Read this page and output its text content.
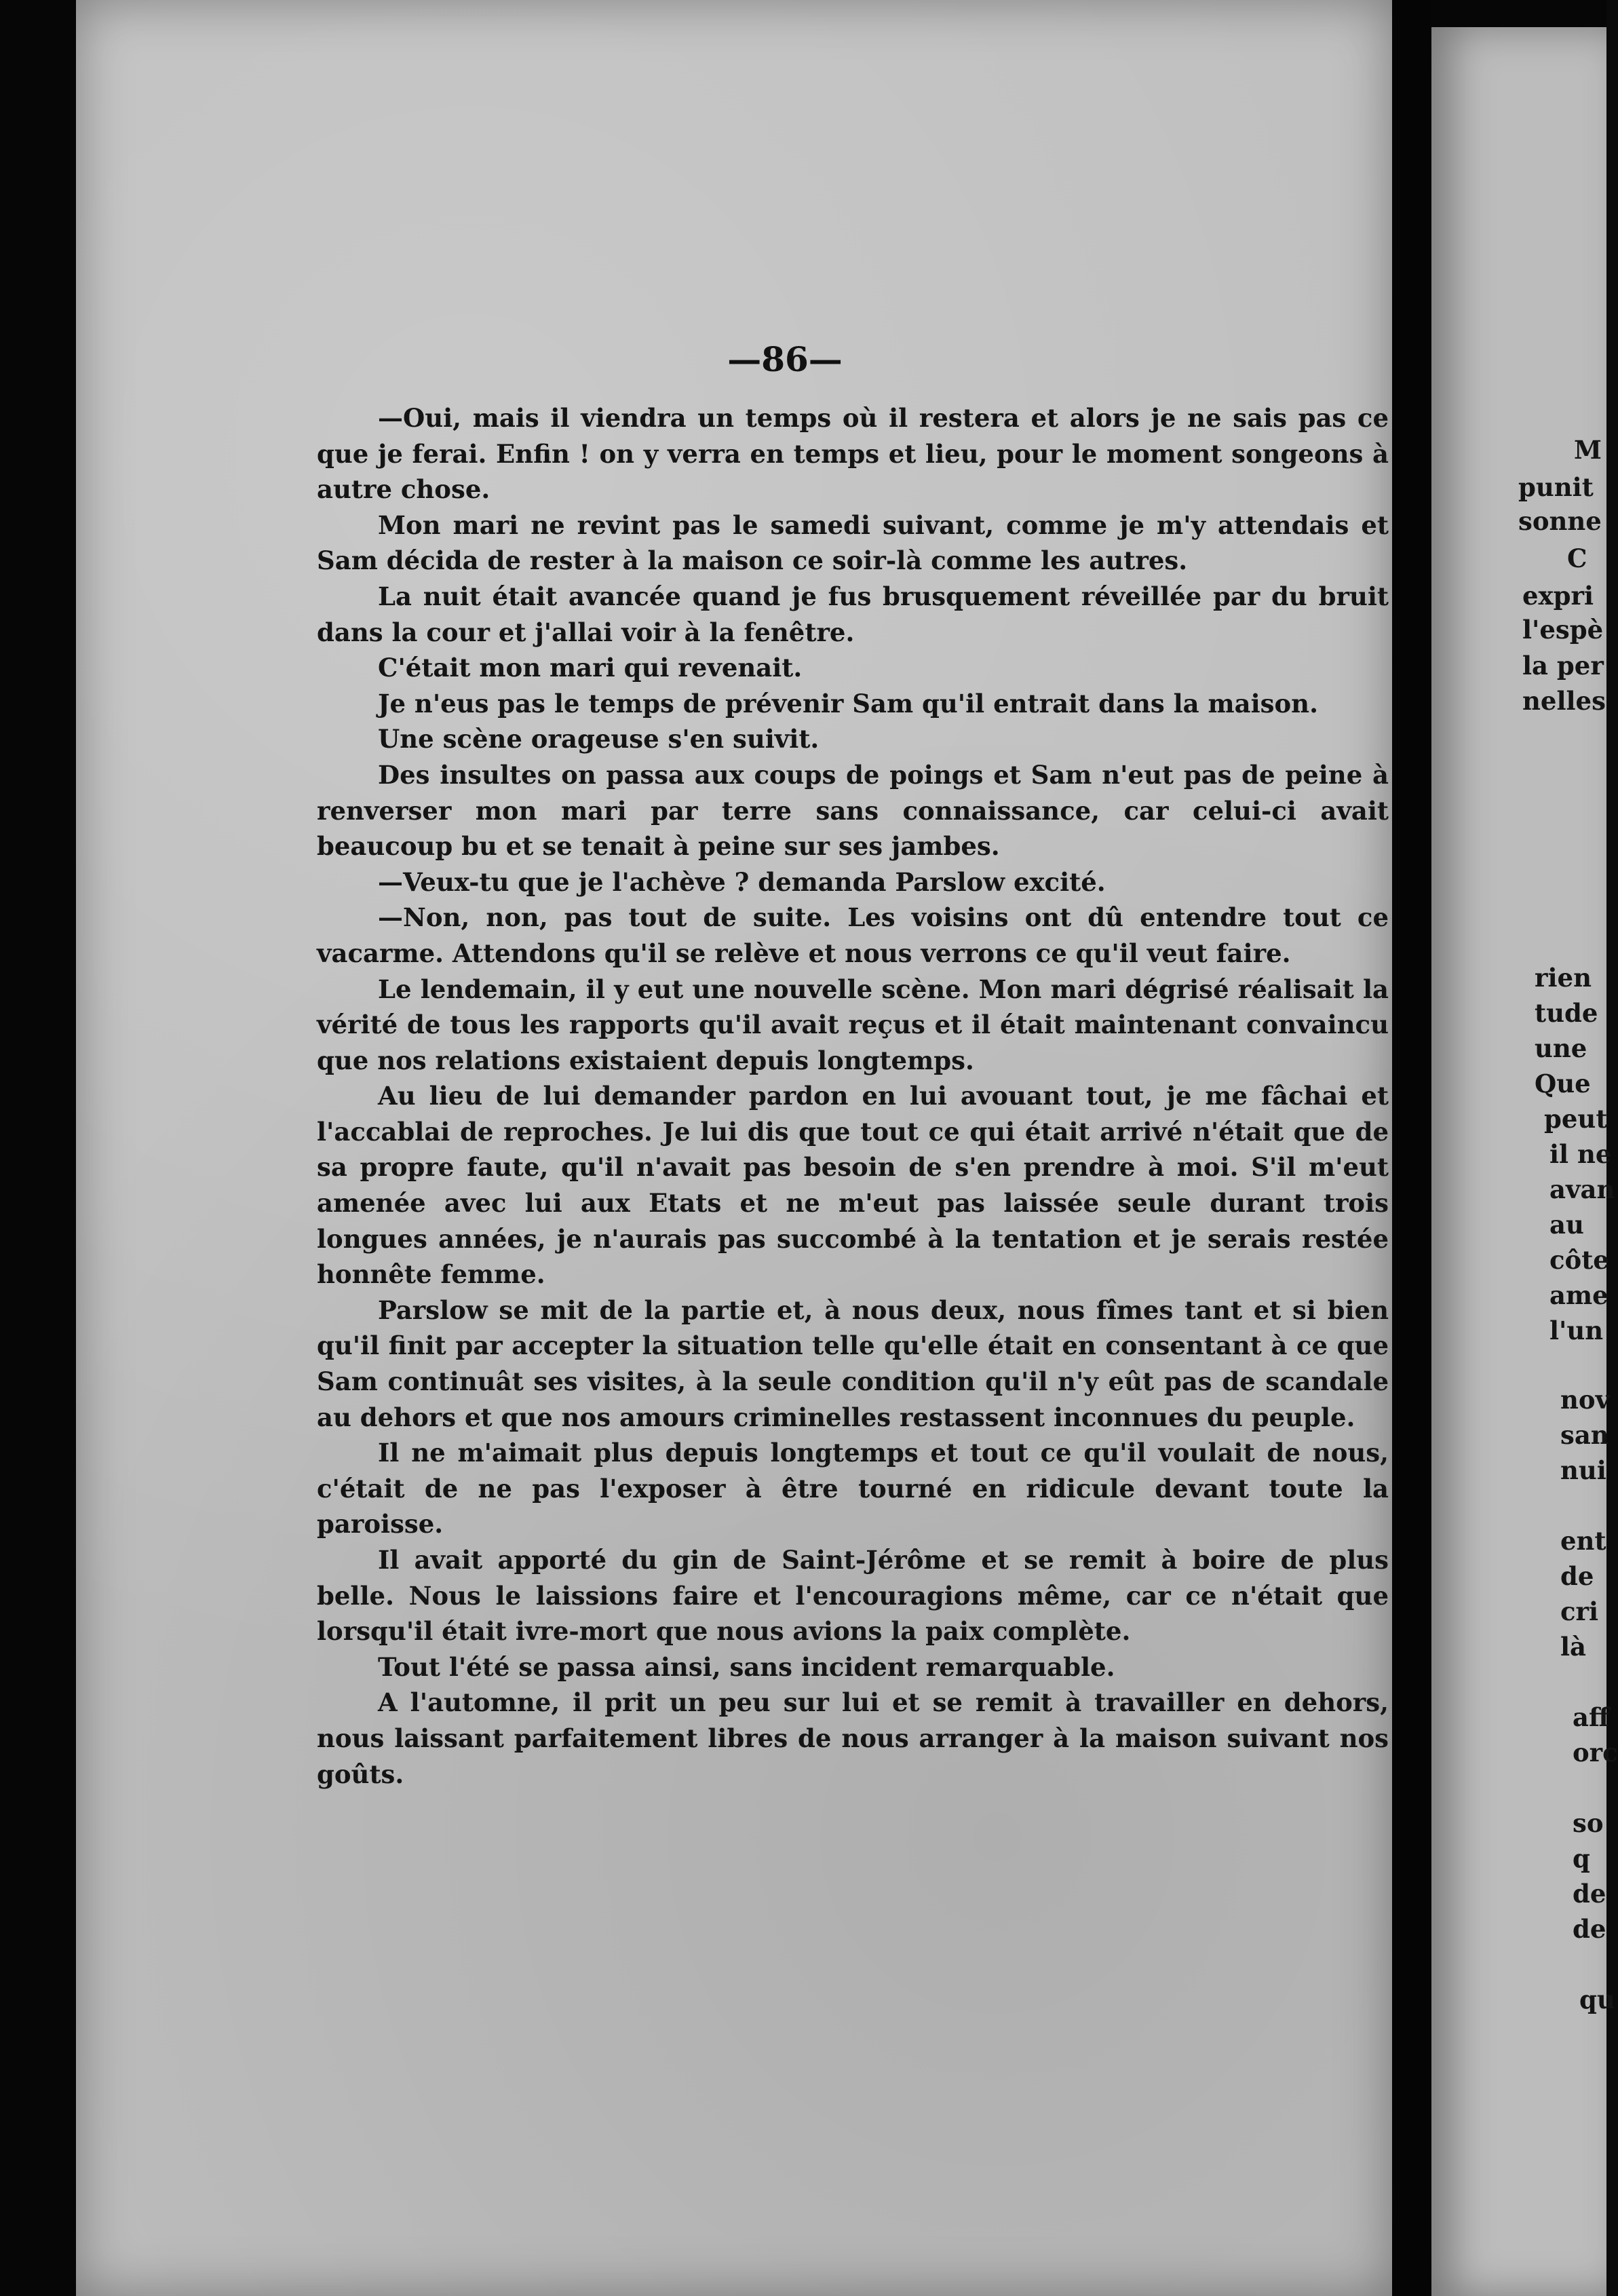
—86—

—Oui, mais il viendra un temps où il restera et alors je ne sais pas ce que je ferai. Enfin ! on y verra en temps et lieu, pour le moment songeons à autre chose.

Mon mari ne revint pas le samedi suivant, comme je m'y attendais et Sam décida de rester à la maison ce soir-là comme les autres.

La nuit était avancée quand je fus brusquement réveillée par du bruit dans la cour et j'allai voir à la fenêtre.

C'était mon mari qui revenait.

Je n'eus pas le temps de prévenir Sam qu'il entrait dans la maison.

Une scène orageuse s'en suivit.

Des insultes on passa aux coups de poings et Sam n'eut pas de peine à renverser mon mari par terre sans connaissance, car celui-ci avait beaucoup bu et se tenait à peine sur ses jambes.

—Veux-tu que je l'achève ? demanda Parslow excité.

—Non, non, pas tout de suite. Les voisins ont dû entendre tout ce vacarme. Attendons qu'il se relève et nous verrons ce qu'il veut faire.

Le lendemain, il y eut une nouvelle scène. Mon mari dégrisé réalisait la vérité de tous les rapports qu'il avait reçus et il était maintenant convaincu que nos relations existaient depuis longtemps.

Au lieu de lui demander pardon en lui avouant tout, je me fâchai et l'accablai de reproches. Je lui dis que tout ce qui était arrivé n'était que de sa propre faute, qu'il n'avait pas besoin de s'en prendre à moi. S'il m'eut amenée avec lui aux Etats et ne m'eut pas laissée seule durant trois longues années, je n'aurais pas succombé à la tentation et je serais restée honnête femme.

Parslow se mit de la partie et, à nous deux, nous fîmes tant et si bien qu'il finit par accepter la situation telle qu'elle était en consentant à ce que Sam continuât ses visites, à la seule condition qu'il n'y eût pas de scandale au dehors et que nos amours criminelles restassent inconnues du peuple.

Il ne m'aimait plus depuis longtemps et tout ce qu'il voulait de nous, c'était de ne pas l'exposer à être tourné en ridicule devant toute la paroisse.

Il avait apporté du gin de Saint-Jérôme et se remit à boire de plus belle. Nous le laissions faire et l'encouragions même, car ce n'était que lorsqu'il était ivre-mort que nous avions la paix complète.

Tout l'été se passa ainsi, sans incident remarquable.

A l'automne, il prit un peu sur lui et se remit à travailler en dehors, nous laissant parfaitement libres de nous arranger à la maison suivant nos goûts.

M
punit
sonne
C
expri
l'espè
la per
nelles
rien
tude
une
Que
peut
il ne
avan
au
côte
ame
l'un
nov
san
nui
ent
de
cri
là
aff
orc
so
q
de
de
qu
